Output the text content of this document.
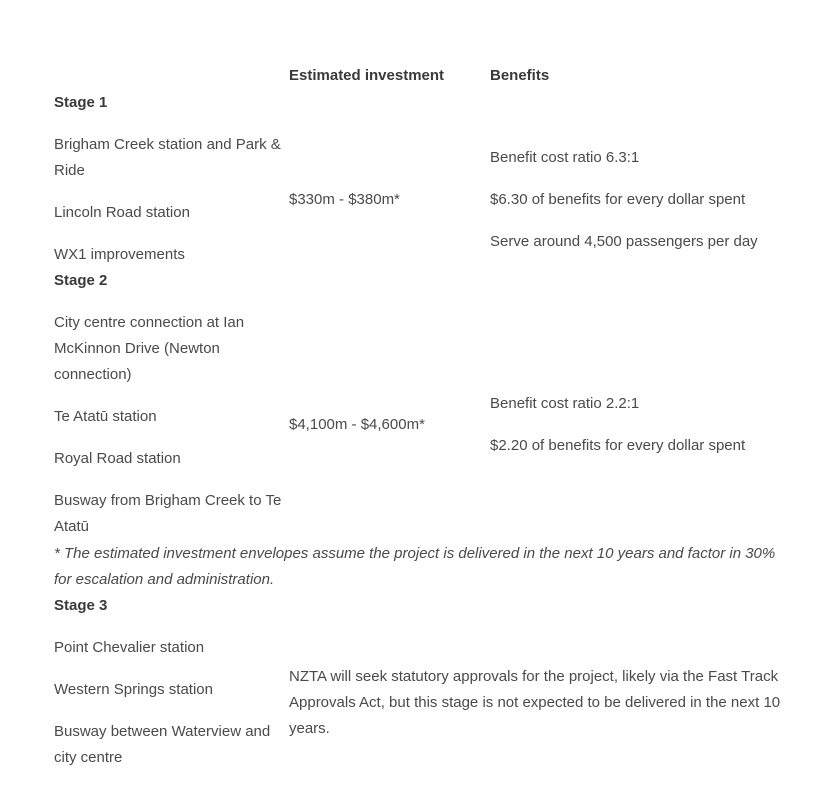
Estimated investment	Benefits
Stage 1
Brigham Creek station and Park & Ride
Lincoln Road station
WX1 improvements
$330m - $380m*
Benefit cost ratio 6.3:1
$6.30 of benefits for every dollar spent
Serve around 4,500 passengers per day
Stage 2
City centre connection at Ian McKinnon Drive (Newton connection)
Te Atatū station
Royal Road station
Busway from Brigham Creek to Te Atatū
$4,100m - $4,600m*
Benefit cost ratio 2.2:1
$2.20 of benefits for every dollar spent
* The estimated investment envelopes assume the project is delivered in the next 10 years and factor in 30% for escalation and administration.
Stage 3
Point Chevalier station
Western Springs station
Busway between Waterview and city centre
NZTA will seek statutory approvals for the project, likely via the Fast Track Approvals Act, but this stage is not expected to be delivered in the next 10 years.
